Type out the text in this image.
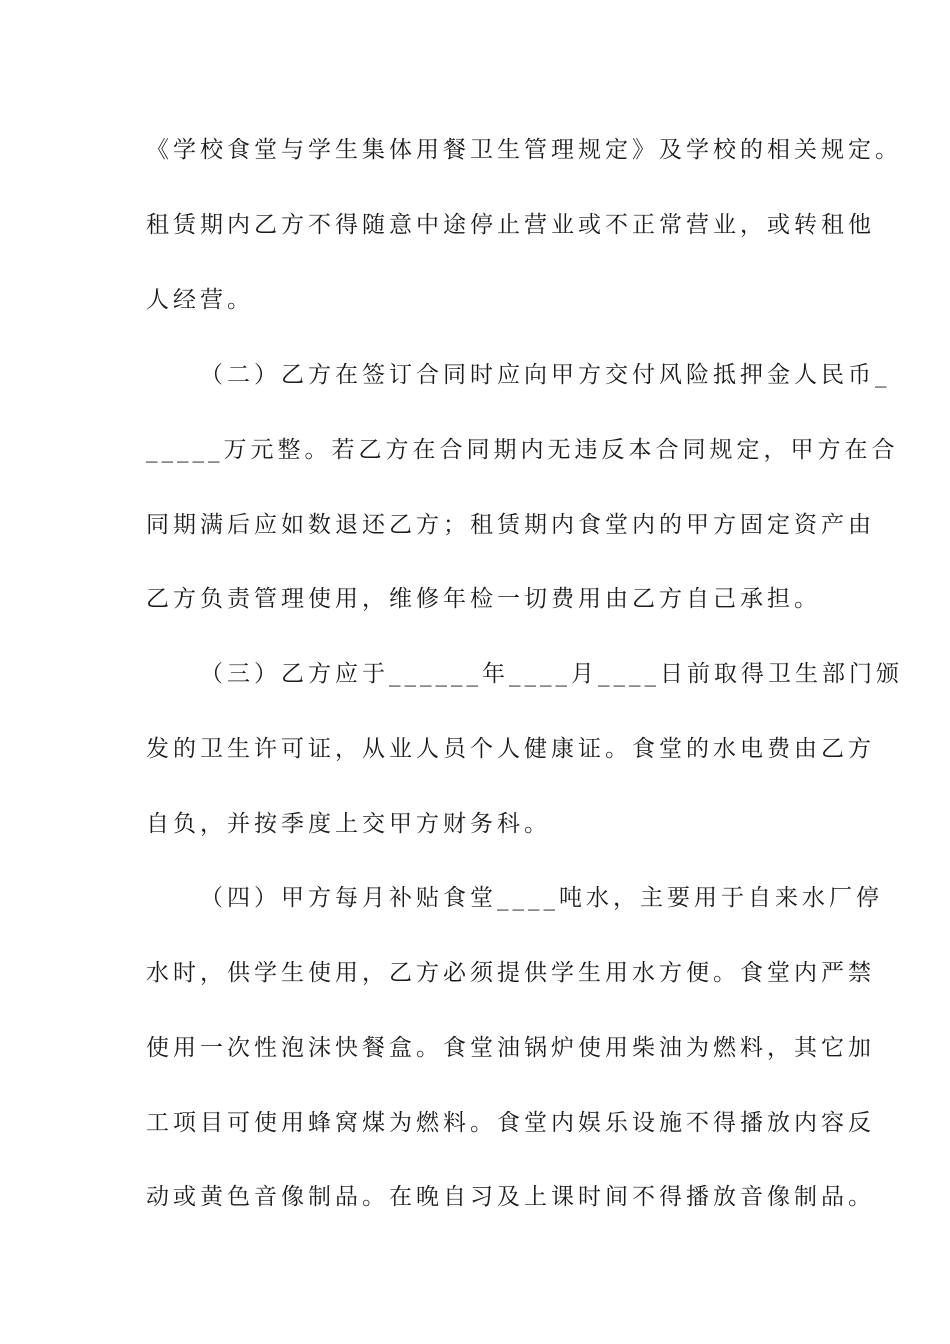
《学校食堂与学生集体用餐卫生管理规定》及学校的相关规定。
租赁期内乙方不得随意中途停止营业或不正常营业，或转租他
人经营。
（二）乙方在签订合同时应向甲方交付风险抵押金人民币_
_____万元整。若乙方在合同期内无违反本合同规定，甲方在合
同期满后应如数退还乙方；租赁期内食堂内的甲方固定资产由
乙方负责管理使用，维修年检一切费用由乙方自己承担。
（三）乙方应于______年____月____日前取得卫生部门颁
发的卫生许可证，从业人员个人健康证。食堂的水电费由乙方
自负，并按季度上交甲方财务科。
（四）甲方每月补贴食堂____吨水，主要用于自来水厂停
水时，供学生使用，乙方必须提供学生用水方便。食堂内严禁
使用一次性泡沫快餐盒。食堂油锅炉使用柴油为燃料，其它加
工项目可使用蜂窝煤为燃料。食堂内娱乐设施不得播放内容反
动或黄色音像制品。在晚自习及上课时间不得播放音像制品。
